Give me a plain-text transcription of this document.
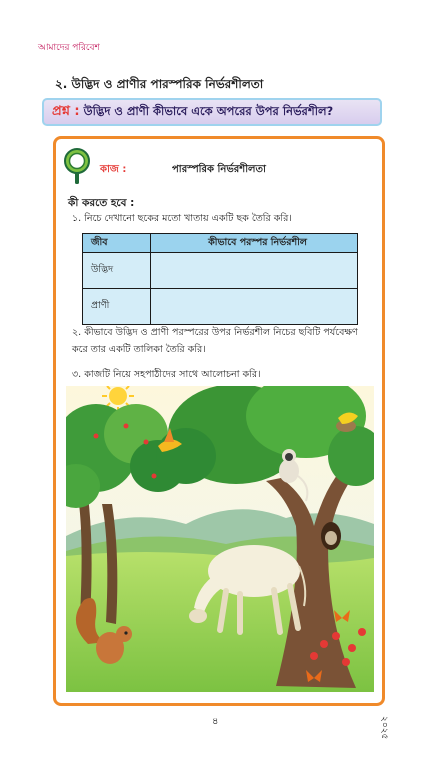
আমাদের পরিবেশ
২. উদ্ভিদ ও প্রাণীর পারস্পরিক নির্ভরশীলতা
প্রশ্ন : উদ্ভিদ ও প্রাণী কীভাবে একে অপরের উপর নির্ভরশীল?
কাজ :	পারস্পরিক নির্ভরশীলতা
কী করতে হবে :
১. নিচে দেখানো ছকের মতো খাতায় একটি ছক তৈরি করি।
জীব	কীভাবে পরস্পর নির্ভরশীল
উদ্ভিদ	
প্রাণী	
২. কীভাবে উদ্ভিদ ও প্রাণী পরস্পরের উপর নির্ভরশীল নিচের ছবিটি পর্যবেক্ষণ করে তার একটি তালিকা তৈরি করি।
৩. কাজটি নিয়ে সহপাঠীদের সাথে আলোচনা করি।
৪	২০২৫
